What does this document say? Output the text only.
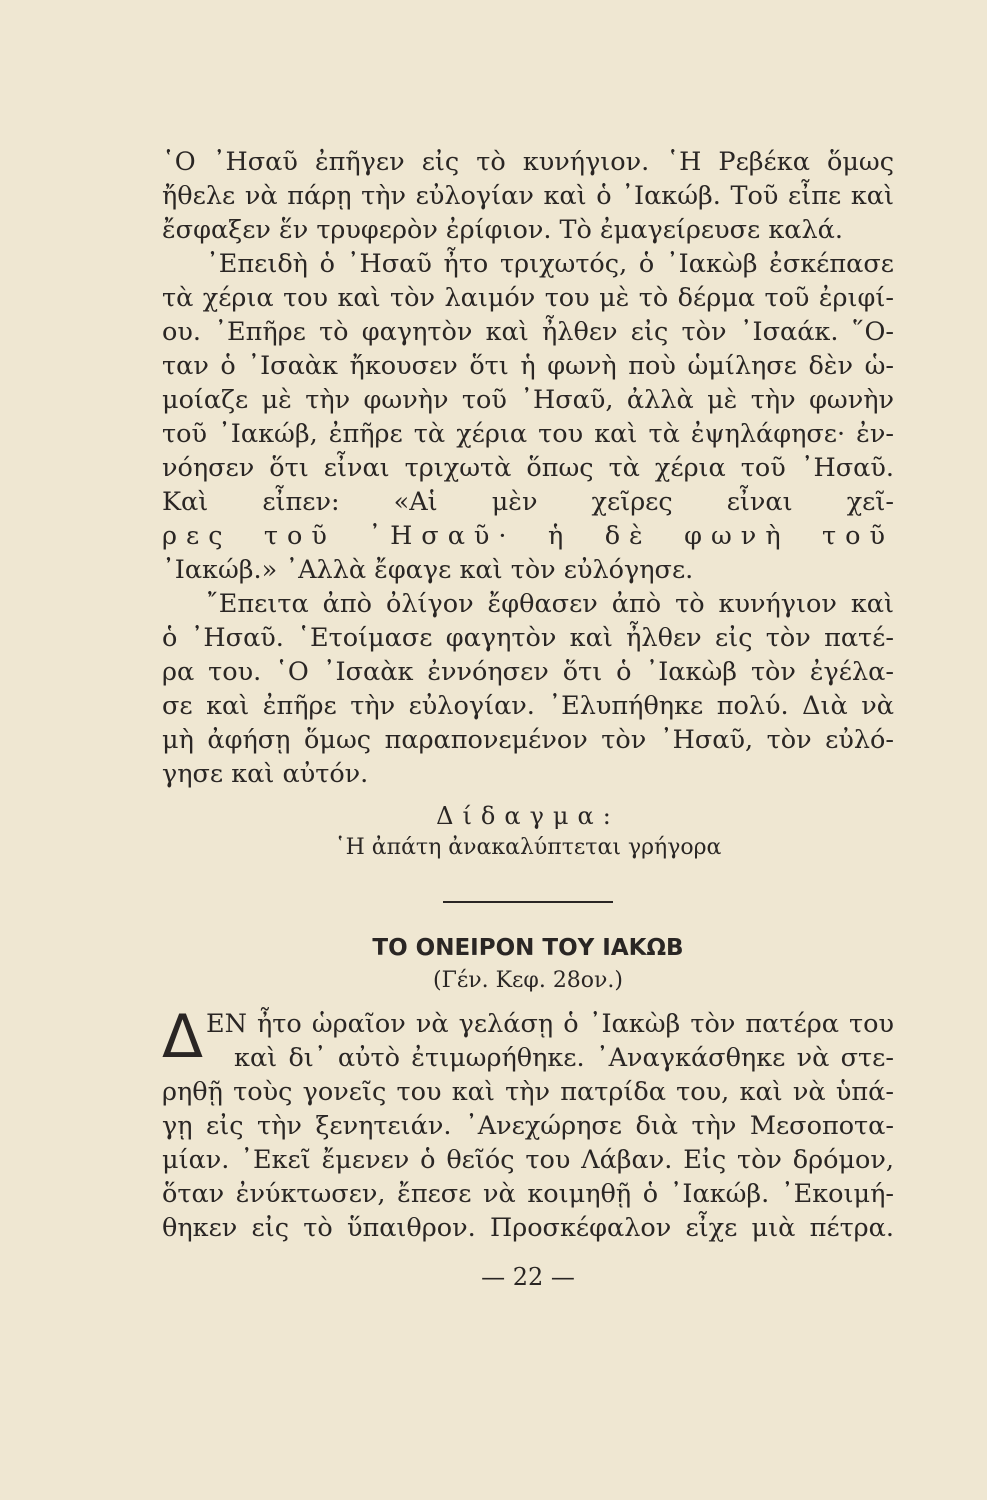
῾Ο ᾿Ησαῦ ἐπῆγεν εἰς τὸ κυνήγιον. ῾Η Ρεβέκα ὅμως
ἤθελε νὰ πάρῃ τὴν εὐλογίαν καὶ ὁ ᾿Ιακώβ. Τοῦ εἶπε καὶ
ἔσφαξεν ἕν τρυφερὸν ἐρίφιον. Τὸ ἐμαγείρευσε καλά.
᾿Επειδὴ ὁ ᾿Ησαῦ ἦτο τριχωτός, ὁ ᾿Ιακὼβ ἐσκέπασε
τὰ χέρια του καὶ τὸν λαιμόν του μὲ τὸ δέρμα τοῦ ἐριφί-
ου. ᾿Επῆρε τὸ φαγητὸν καὶ ἦλθεν εἰς τὸν ᾿Ισαάκ. ῞Ο-
ταν ὁ ᾿Ισαὰκ ἤκουσεν ὅτι ἡ φωνὴ ποὺ ὡμίλησε δὲν ὡ-
μοίαζε μὲ τὴν φωνὴν τοῦ ᾿Ησαῦ, ἀλλὰ μὲ τὴν φωνὴν
τοῦ ᾿Ιακώβ, ἐπῆρε τὰ χέρια του καὶ τὰ ἐψηλάφησε· ἐν-
νόησεν ὅτι εἶναι τριχωτὰ ὅπως τὰ χέρια τοῦ ᾿Ησαῦ.
Καὶ εἶπεν: «Αἱ μὲν χεῖρες εἶναι χεῖ-
ρες τοῦ ᾿Ησαῦ· ἡ δὲ φωνὴ τοῦ
᾿Ιακώβ.» ᾿Αλλὰ ἔφαγε καὶ τὸν εὐλόγησε.
῎Επειτα ἀπὸ ὀλίγον ἔφθασεν ἀπὸ τὸ κυνήγιον καὶ
ὁ ᾿Ησαῦ. ῾Ετοίμασε φαγητὸν καὶ ἦλθεν εἰς τὸν πατέ-
ρα του. ῾Ο ᾿Ισαὰκ ἐννόησεν ὅτι ὁ ᾿Ιακὼβ τὸν ἐγέλα-
σε καὶ ἐπῆρε τὴν εὐλογίαν. ᾿Ελυπήθηκε πολύ. Διὰ νὰ
μὴ ἀφήσῃ ὅμως παραπονεμένον τὸν ᾿Ησαῦ, τὸν εὐλό-
γησε καὶ αὐτόν.
Δίδαγμα:
῾Η ἀπάτη ἀνακαλύπτεται γρήγορα
ΤΟ ΟΝΕΙΡΟΝ ΤΟΥ ΙΑΚΩΒ
(Γέν. Κεφ. 28ον.)
Δ ΕΝ ἦτο ὡραῖον νὰ γελάσῃ ὁ ᾿Ιακὼβ τὸν πατέρα του
καὶ δι᾿ αὐτὸ ἐτιμωρήθηκε. ᾿Αναγκάσθηκε νὰ στε-
ρηθῇ τοὺς γονεῖς του καὶ τὴν πατρίδα του, καὶ νὰ ὑπά-
γῃ εἰς τὴν ξενητειάν. ᾿Ανεχώρησε διὰ τὴν Μεσοποτα-
μίαν. ᾿Εκεῖ ἔμενεν ὁ θεῖός του Λάβαν. Εἰς τὸν δρόμον,
ὅταν ἐνύκτωσεν, ἔπεσε νὰ κοιμηθῇ ὁ ᾿Ιακώβ. ᾿Εκοιμή-
θηκεν εἰς τὸ ὕπαιθρον. Προσκέφαλον εἶχε μιὰ πέτρα.
— 22 —
